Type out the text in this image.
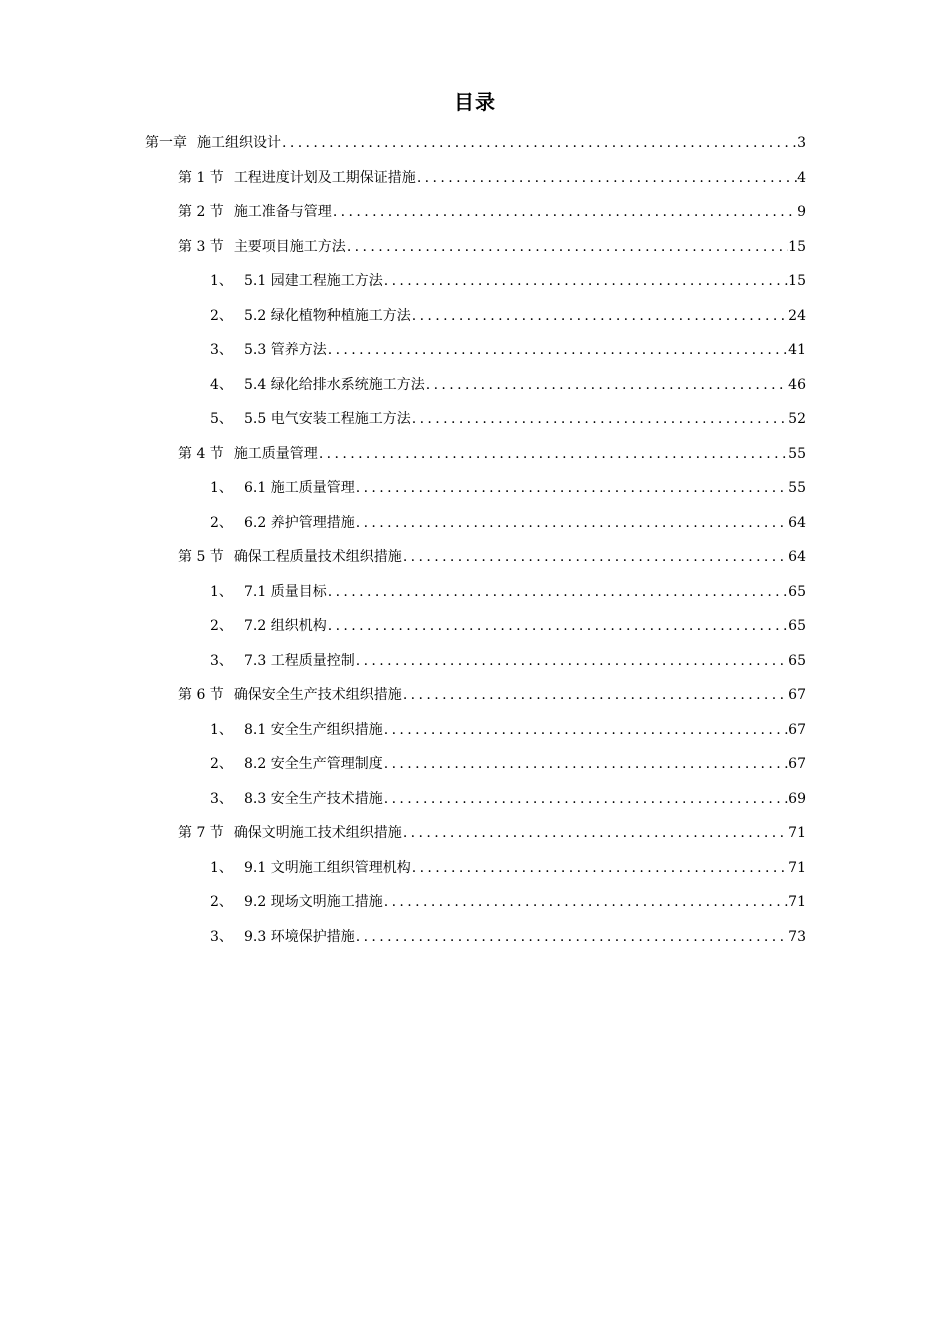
目录
第一章 施工组织设计 .....	3
第 1 节 工程进度计划及工期保证措施 .....	4
第 2 节 施工准备与管理 .....	9
第 3 节 主要项目施工方法 .....	15
1、 5.1 园建工程施工方法 .....	15
2、 5.2 绿化植物种植施工方法 .....	24
3、 5.3 管养方法 .....	41
4、 5.4 绿化给排水系统施工方法 .....	46
5、 5.5 电气安装工程施工方法 .....	52
第 4 节 施工质量管理 .....	55
1、 6.1 施工质量管理 .....	55
2、 6.2 养护管理措施 .....	64
第 5 节 确保工程质量技术组织措施 .....	64
1、 7.1 质量目标 .....	65
2、 7.2 组织机构 .....	65
3、 7.3 工程质量控制 .....	65
第 6 节 确保安全生产技术组织措施 .....	67
1、 8.1 安全生产组织措施 .....	67
2、 8.2 安全生产管理制度 .....	67
3、 8.3 安全生产技术措施 .....	69
第 7 节 确保文明施工技术组织措施 .....	71
1、 9.1 文明施工组织管理机构 .....	71
2、 9.2 现场文明施工措施 .....	71
3、 9.3 环境保护措施 .....	73
